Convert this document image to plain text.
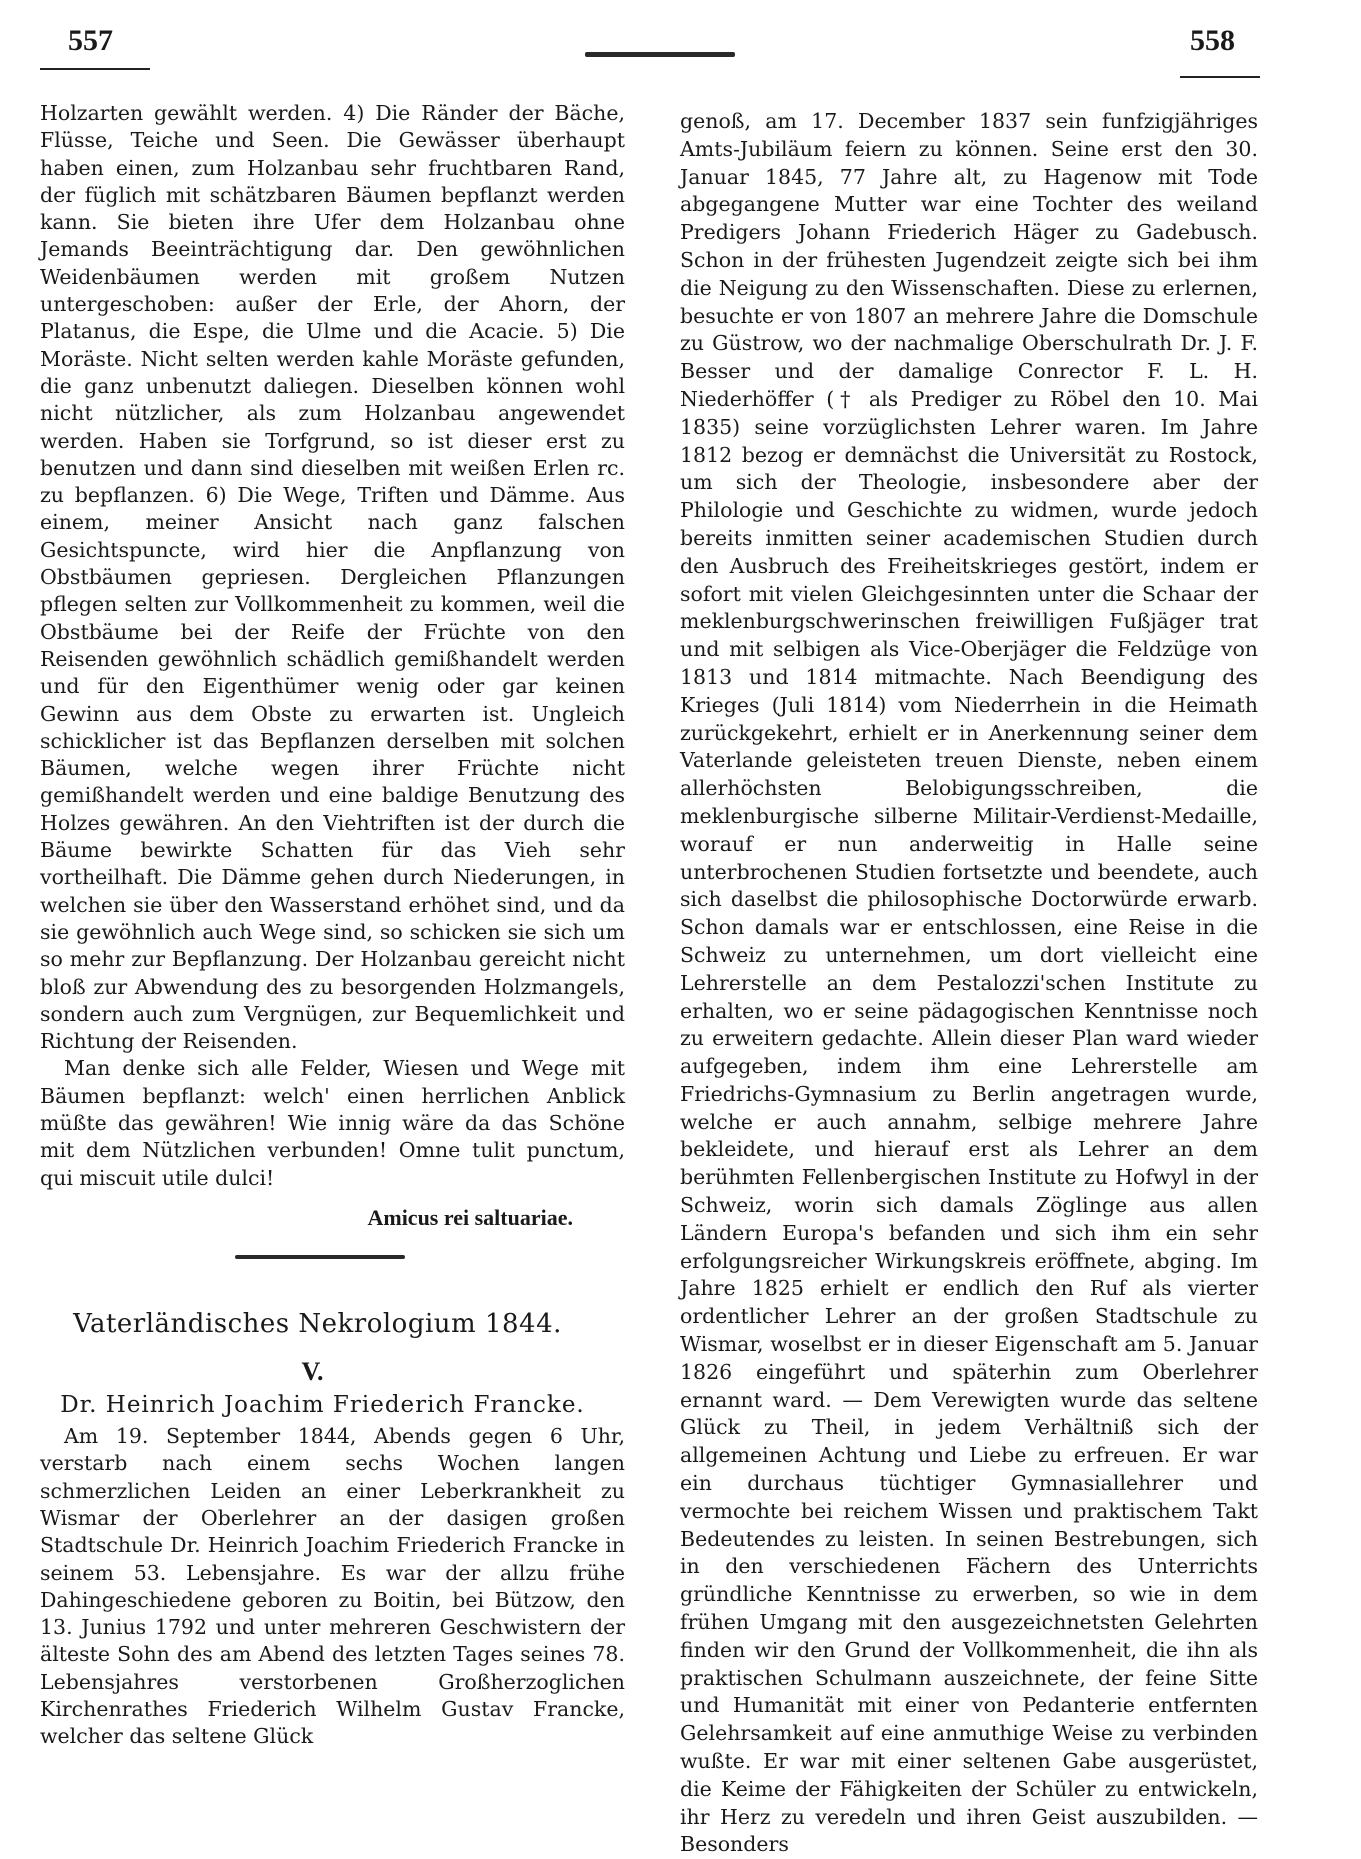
557	558

Holzarten gewählt werden. 4) Die Ränder der Bäche, Flüsse, Teiche und Seen. Die Gewässer überhaupt haben einen, zum Holzanbau sehr fruchtbaren Rand, der füglich mit schätzbaren Bäumen bepflanzt werden kann. Sie bieten ihre Ufer dem Holzanbau ohne Jemands Beeinträchtigung dar. Den gewöhnlichen Weidenbäumen werden mit großem Nutzen untergeschoben: außer der Erle, der Ahorn, der Platanus, die Espe, die Ulme und die Acacie. 5) Die Moräste. Nicht selten werden kahle Moräste gefunden, die ganz unbenutzt daliegen. Dieselben können wohl nicht nützlicher, als zum Holzanbau angewendet werden. Haben sie Torfgrund, so ist dieser erst zu benutzen und dann sind dieselben mit weißen Erlen rc. zu bepflanzen. 6) Die Wege, Triften und Dämme. Aus einem, meiner Ansicht nach ganz falschen Gesichtspuncte, wird hier die Anpflanzung von Obstbäumen gepriesen. Dergleichen Pflanzungen pflegen selten zur Vollkommenheit zu kommen, weil die Obstbäume bei der Reife der Früchte von den Reisenden gewöhnlich schädlich gemißhandelt werden und für den Eigenthümer wenig oder gar keinen Gewinn aus dem Obste zu erwarten ist. Ungleich schicklicher ist das Bepflanzen derselben mit solchen Bäumen, welche wegen ihrer Früchte nicht gemißhandelt werden und eine baldige Benutzung des Holzes gewähren. An den Viehtriften ist der durch die Bäume bewirkte Schatten für das Vieh sehr vortheilhaft. Die Dämme gehen durch Niederungen, in welchen sie über den Wasserstand erhöhet sind, und da sie gewöhnlich auch Wege sind, so schicken sie sich um so mehr zur Bepflanzung. Der Holzanbau gereicht nicht bloß zur Abwendung des zu besorgenden Holzmangels, sondern auch zum Vergnügen, zur Bequemlichkeit und Richtung der Reisenden.

Man denke sich alle Felder, Wiesen und Wege mit Bäumen bepflanzt: welch' einen herrlichen Anblick müßte das gewähren! Wie innig wäre da das Schöne mit dem Nützlichen verbunden! Omne tulit punctum, qui miscuit utile dulci!

Amicus rei saltuariae.

Vaterländisches Nekrologium 1844.

V.

Dr. Heinrich Joachim Friederich Francke.

Am 19. September 1844, Abends gegen 6 Uhr, verstarb nach einem sechs Wochen langen schmerzlichen Leiden an einer Leberkrankheit zu Wismar der Oberlehrer an der dasigen großen Stadtschule Dr. Heinrich Joachim Friederich Francke in seinem 53. Lebensjahre. Es war der allzu frühe Dahingeschiedene geboren zu Boitin, bei Bützow, den 13. Junius 1792 und unter mehreren Geschwistern der älteste Sohn des am Abend des letzten Tages seines 78. Lebensjahres verstorbenen Großherzoglichen Kirchenrathes Friederich Wilhelm Gustav Francke, welcher das seltene Glück

genoß, am 17. December 1837 sein funfzigjähriges Amts-Jubiläum feiern zu können. Seine erst den 30. Januar 1845, 77 Jahre alt, zu Hagenow mit Tode abgegangene Mutter war eine Tochter des weiland Predigers Johann Friederich Häger zu Gadebusch. Schon in der frühesten Jugendzeit zeigte sich bei ihm die Neigung zu den Wissenschaften. Diese zu erlernen, besuchte er von 1807 an mehrere Jahre die Domschule zu Güstrow, wo der nachmalige Oberschulrath Dr. J. F. Besser und der damalige Conrector F. L. H. Niederhöffer († als Prediger zu Röbel den 10. Mai 1835) seine vorzüglichsten Lehrer waren. Im Jahre 1812 bezog er demnächst die Universität zu Rostock, um sich der Theologie, insbesondere aber der Philologie und Geschichte zu widmen, wurde jedoch bereits inmitten seiner academischen Studien durch den Ausbruch des Freiheitskrieges gestört, indem er sofort mit vielen Gleichgesinnten unter die Schaar der meklenburgschwerinschen freiwilligen Fußjäger trat und mit selbigen als Vice-Oberjäger die Feldzüge von 1813 und 1814 mitmachte. Nach Beendigung des Krieges (Juli 1814) vom Niederrhein in die Heimath zurückgekehrt, erhielt er in Anerkennung seiner dem Vaterlande geleisteten treuen Dienste, neben einem allerhöchsten Belobigungsschreiben, die meklenburgische silberne Militair-Verdienst-Medaille, worauf er nun anderweitig in Halle seine unterbrochenen Studien fortsetzte und beendete, auch sich daselbst die philosophische Doctorwürde erwarb. Schon damals war er entschlossen, eine Reise in die Schweiz zu unternehmen, um dort vielleicht eine Lehrerstelle an dem Pestalozzi'schen Institute zu erhalten, wo er seine pädagogischen Kenntnisse noch zu erweitern gedachte. Allein dieser Plan ward wieder aufgegeben, indem ihm eine Lehrerstelle am Friedrichs-Gymnasium zu Berlin angetragen wurde, welche er auch annahm, selbige mehrere Jahre bekleidete, und hierauf erst als Lehrer an dem berühmten Fellenbergischen Institute zu Hofwyl in der Schweiz, worin sich damals Zöglinge aus allen Ländern Europa's befanden und sich ihm ein sehr erfolgungsreicher Wirkungskreis eröffnete, abging. Im Jahre 1825 erhielt er endlich den Ruf als vierter ordentlicher Lehrer an der großen Stadtschule zu Wismar, woselbst er in dieser Eigenschaft am 5. Januar 1826 eingeführt und späterhin zum Oberlehrer ernannt ward. — Dem Verewigten wurde das seltene Glück zu Theil, in jedem Verhältniß sich der allgemeinen Achtung und Liebe zu erfreuen. Er war ein durchaus tüchtiger Gymnasiallehrer und vermochte bei reichem Wissen und praktischem Takt Bedeutendes zu leisten. In seinen Bestrebungen, sich in den verschiedenen Fächern des Unterrichts gründliche Kenntnisse zu erwerben, so wie in dem frühen Umgang mit den ausgezeichnetsten Gelehrten finden wir den Grund der Vollkommenheit, die ihn als praktischen Schulmann auszeichnete, der feine Sitte und Humanität mit einer von Pedanterie entfernten Gelehrsamkeit auf eine anmuthige Weise zu verbinden wußte. Er war mit einer seltenen Gabe ausgerüstet, die Keime der Fähigkeiten der Schüler zu entwickeln, ihr Herz zu veredeln und ihren Geist auszubilden. — Besonders
